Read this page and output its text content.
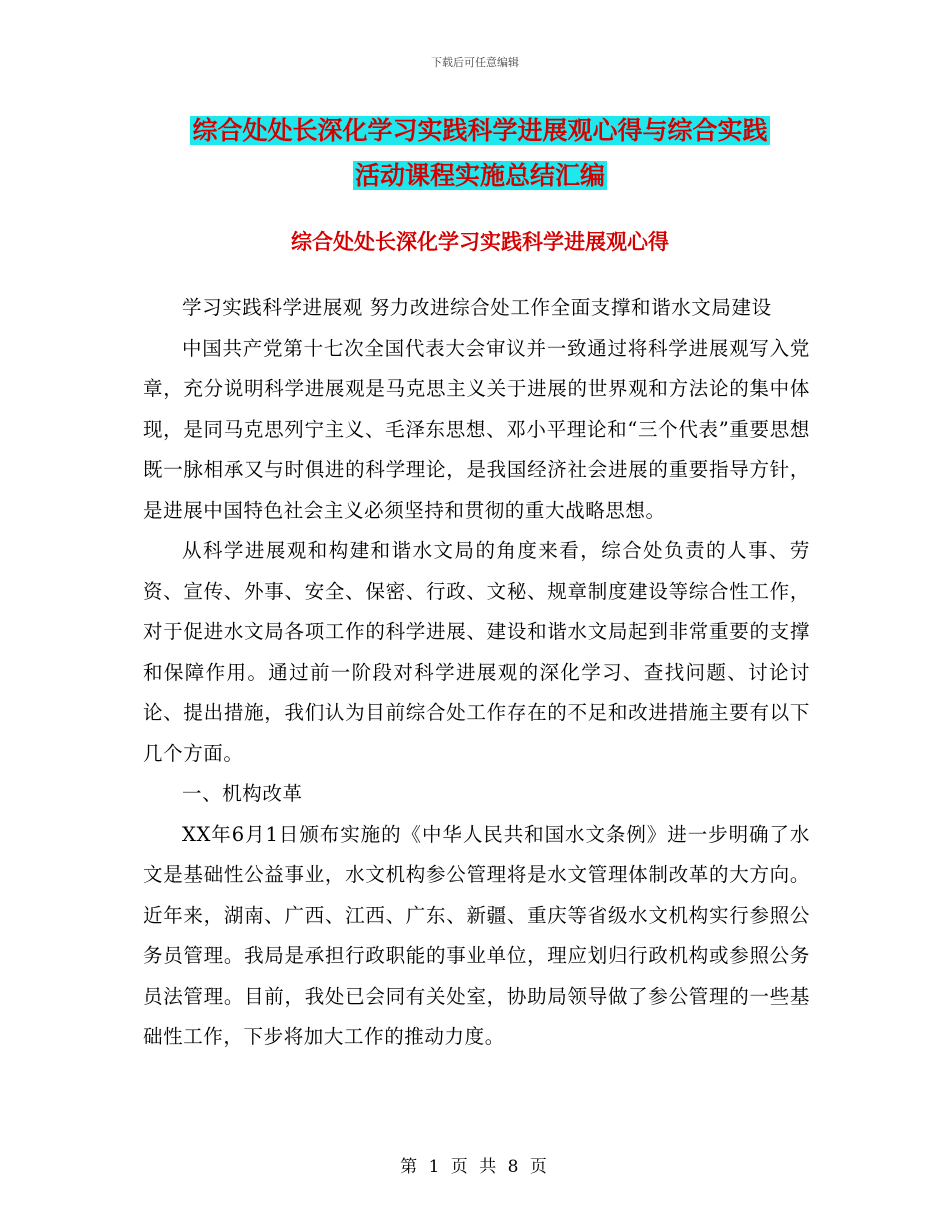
下载后可任意编辑
综合处处长深化学习实践科学进展观心得与综合实践
活动课程实施总结汇编
综合处处长深化学习实践科学进展观心得

学习实践科学进展观 努力改进综合处工作全面支撑和谐水文局建设

中国共产党第十七次全国代表大会审议并一致通过将科学进展观写入党章，充分说明科学进展观是马克思主义关于进展的世界观和方法论的集中体现，是同马克思列宁主义、毛泽东思想、邓小平理论和“三个代表”重要思想既一脉相承又与时俱进的科学理论，是我国经济社会进展的重要指导方针，是进展中国特色社会主义必须坚持和贯彻的重大战略思想。

从科学进展观和构建和谐水文局的角度来看，综合处负责的人事、劳资、宣传、外事、安全、保密、行政、文秘、规章制度建设等综合性工作，对于促进水文局各项工作的科学进展、建设和谐水文局起到非常重要的支撑和保障作用。通过前一阶段对科学进展观的深化学习、查找问题、讨论讨论、提出措施，我们认为目前综合处工作存在的不足和改进措施主要有以下几个方面。

一、机构改革

XX年6月1日颁布实施的《中华人民共和国水文条例》进一步明确了水文是基础性公益事业，水文机构参公管理将是水文管理体制改革的大方向。近年来，湖南、广西、江西、广东、新疆、重庆等省级水文机构实行参照公务员管理。我局是承担行政职能的事业单位，理应划归行政机构或参照公务员法管理。目前，我处已会同有关处室，协助局领导做了参公管理的一些基础性工作，下步将加大工作的推动力度。

第 1 页 共 8 页
